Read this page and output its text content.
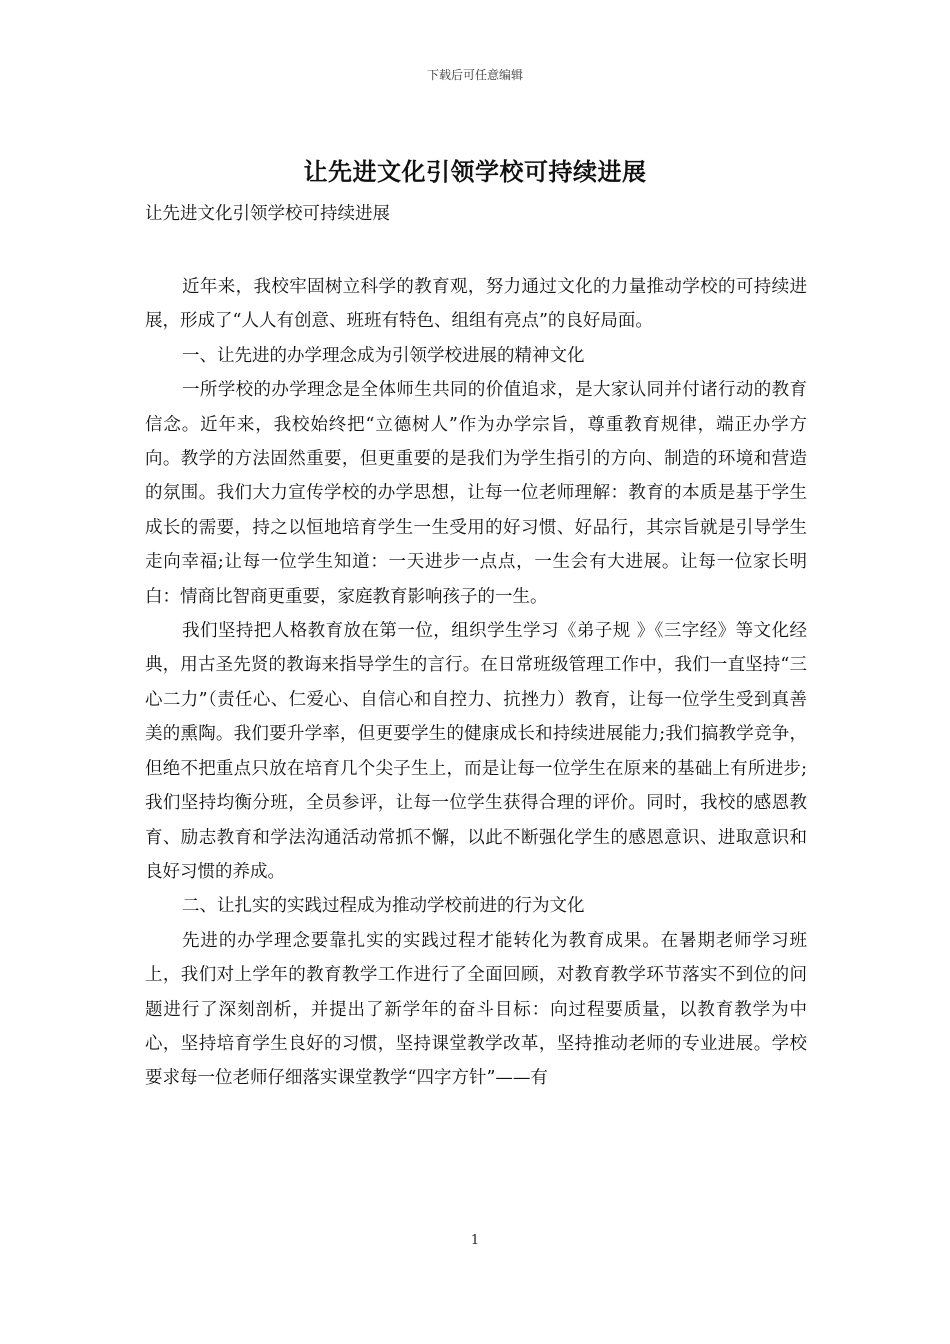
下载后可任意编辑
让先进文化引领学校可持续进展
让先进文化引领学校可持续进展

近年来，我校牢固树立科学的教育观，努力通过文化的力量推动学校的可持续进展，形成了“人人有创意、班班有特色、组组有亮点”的良好局面。

一、让先进的办学理念成为引领学校进展的精神文化

一所学校的办学理念是全体师生共同的价值追求，是大家认同并付诸行动的教育信念。近年来，我校始终把“立德树人”作为办学宗旨，尊重教育规律，端正办学方向。教学的方法固然重要，但更重要的是我们为学生指引的方向、制造的环境和营造的氛围。我们大力宣传学校的办学思想，让每一位老师理解：教育的本质是基于学生成长的需要，持之以恒地培育学生一生受用的好习惯、好品行，其宗旨就是引导学生走向幸福;让每一位学生知道：一天进步一点点，一生会有大进展。让每一位家长明白：情商比智商更重要，家庭教育影响孩子的一生。

我们坚持把人格教育放在第一位，组织学生学习《弟子规 》《三字经》等文化经典，用古圣先贤的教诲来指导学生的言行。在日常班级管理工作中，我们一直坚持“三心二力”（责任心、仁爱心、自信心和自控力、抗挫力）教育，让每一位学生受到真善美的熏陶。我们要升学率，但更要学生的健康成长和持续进展能力;我们搞教学竞争，但绝不把重点只放在培育几个尖子生上，而是让每一位学生在原来的基础上有所进步;我们坚持均衡分班，全员参评，让每一位学生获得合理的评价。同时，我校的感恩教育、励志教育和学法沟通活动常抓不懈，以此不断强化学生的感恩意识、进取意识和良好习惯的养成。

二、让扎实的实践过程成为推动学校前进的行为文化

先进的办学理念要靠扎实的实践过程才能转化为教育成果。在暑期老师学习班上，我们对上学年的教育教学工作进行了全面回顾，对教育教学环节落实不到位的问题进行了深刻剖析，并提出了新学年的奋斗目标：向过程要质量，以教育教学为中心，坚持培育学生良好的习惯，坚持课堂教学改革，坚持推动老师的专业进展。学校要求每一位老师仔细落实课堂教学“四字方针”——有

1
